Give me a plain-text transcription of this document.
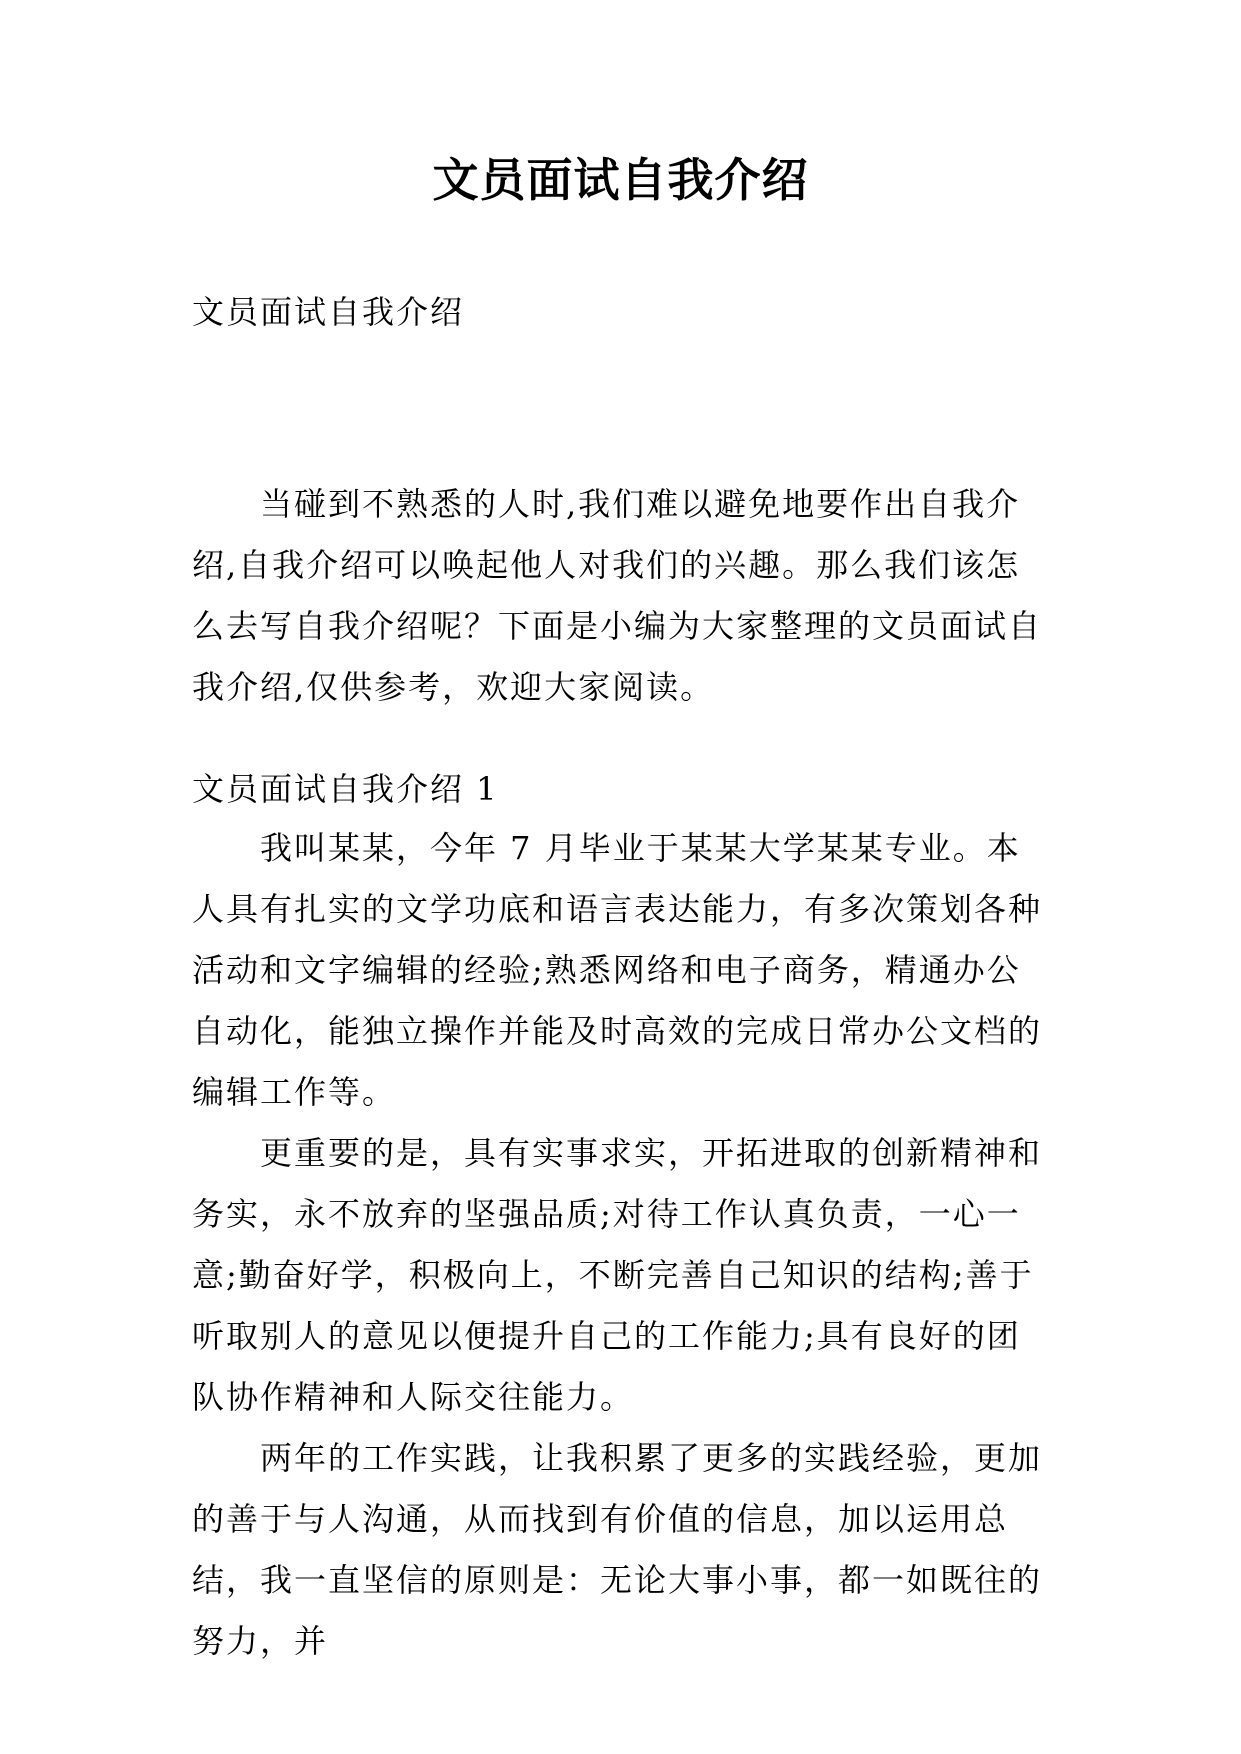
文员面试自我介绍
文员面试自我介绍

当碰到不熟悉的人时,我们难以避免地要作出自我介绍,自我介绍可以唤起他人对我们的兴趣。那么我们该怎么去写自我介绍呢？下面是小编为大家整理的文员面试自我介绍,仅供参考，欢迎大家阅读。

文员面试自我介绍 1

我叫某某，今年 7 月毕业于某某大学某某专业。本人具有扎实的文学功底和语言表达能力，有多次策划各种活动和文字编辑的经验;熟悉网络和电子商务，精通办公自动化，能独立操作并能及时高效的完成日常办公文档的编辑工作等。

更重要的是，具有实事求实，开拓进取的创新精神和务实，永不放弃的坚强品质;对待工作认真负责，一心一意;勤奋好学，积极向上，不断完善自己知识的结构;善于听取别人的意见以便提升自己的工作能力;具有良好的团队协作精神和人际交往能力。

两年的工作实践，让我积累了更多的实践经验，更加的善于与人沟通，从而找到有价值的信息，加以运用总结，我一直坚信的原则是：无论大事小事，都一如既往的努力，并
